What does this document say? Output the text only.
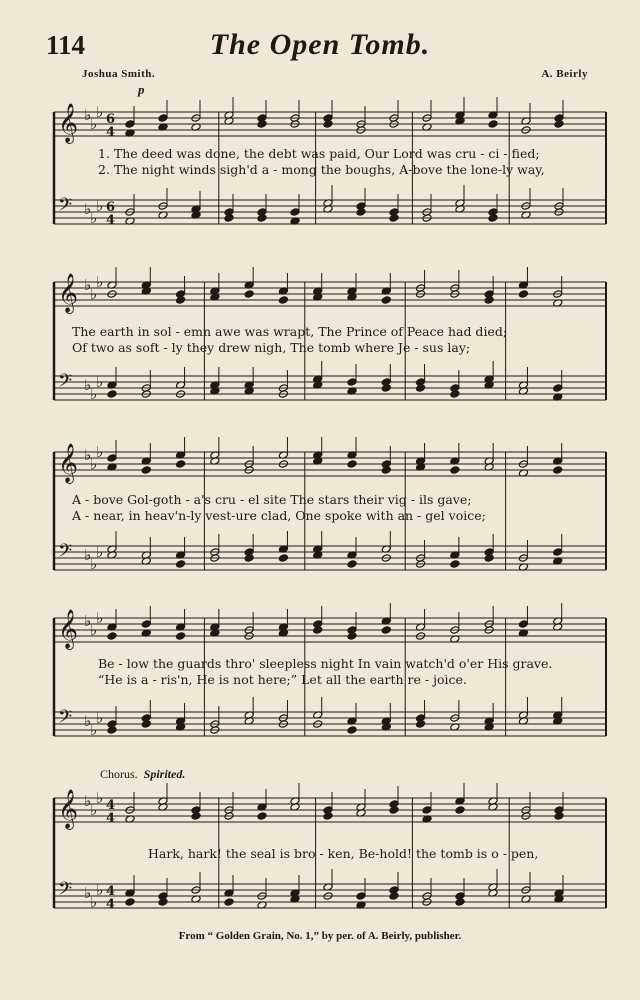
114	The Open Tomb.
Joshua Smith.	A. Beirly
p
𝄞 ♭
♭
♭ 6
4
𝄢 ♭
♭
♭ 6
4
1. The deed was done, the debt was paid, Our Lord was cru - ci - fied;
2. The night winds sigh'd a - mong the boughs, A-bove the lone-ly way,
𝄞 ♭
♭
♭
𝄢 ♭
♭
♭
The earth in sol - emn awe was wrapt, The Prince of Peace had died;
Of two as soft - ly they drew nigh, The tomb where Je - sus lay;
𝄞 ♭
♭
♭
𝄢 ♭
♭
♭
A - bove Gol-goth - a's cru - el site The stars their vig - ils gave;
A - near, in heav'n-ly vest-ure clad, One spoke with an - gel voice;
𝄞 ♭
♭
♭
𝄢 ♭
♭
♭
Be - low the guards thro' sleepless night In vain watch'd o'er His grave.
“He is a - ris'n, He is not here;” Let all the earth re - joice.
Chorus. Spirited.
𝄞 ♭
♭
♭ 4
4
𝄢 ♭
♭
♭ 4
4
Hark, hark! the seal is bro - ken, Be-hold! the tomb is o - pen,
From “ Golden Grain, No. 1,” by per. of A. Beirly, publisher.
